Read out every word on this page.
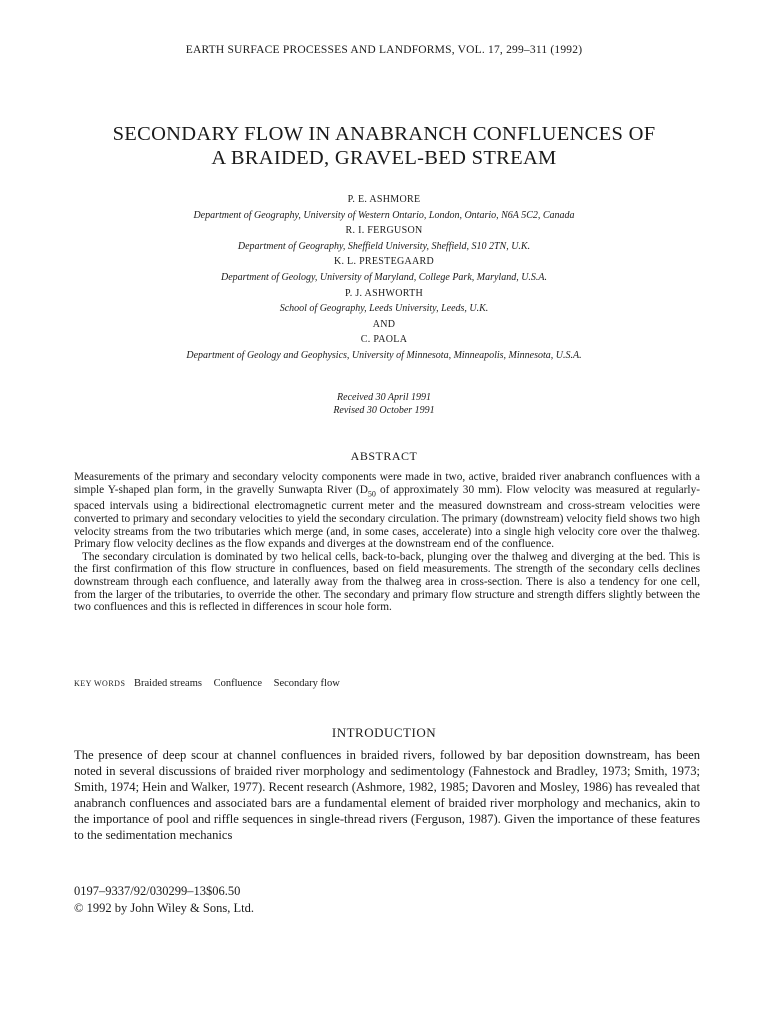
EARTH SURFACE PROCESSES AND LANDFORMS, VOL. 17, 299–311 (1992)
SECONDARY FLOW IN ANABRANCH CONFLUENCES OF
A BRAIDED, GRAVEL-BED STREAM
P. E. ASHMORE
Department of Geography, University of Western Ontario, London, Ontario, N6A 5C2, Canada
R. I. FERGUSON
Department of Geography, Sheffield University, Sheffield, S10 2TN, U.K.
K. L. PRESTEGAARD
Department of Geology, University of Maryland, College Park, Maryland, U.S.A.
P. J. ASHWORTH
School of Geography, Leeds University, Leeds, U.K.
AND
C. PAOLA
Department of Geology and Geophysics, University of Minnesota, Minneapolis, Minnesota, U.S.A.
Received 30 April 1991
Revised 30 October 1991
ABSTRACT

Measurements of the primary and secondary velocity components were made in two, active, braided river anabranch confluences with a simple Y-shaped plan form, in the gravelly Sunwapta River ($D_{50}$ of approximately 30 mm). Flow velocity was measured at regularly-spaced intervals using a bidirectional electromagnetic current meter and the measured downstream and cross-stream velocities were converted to primary and secondary velocities to yield the secondary circulation. The primary (downstream) velocity field shows two high velocity streams from the two tributaries which merge (and, in some cases, accelerate) into a single high velocity core over the thalweg. Primary flow velocity declines as the flow expands and diverges at the downstream end of the confluence.

The secondary circulation is dominated by two helical cells, back-to-back, plunging over the thalweg and diverging at the bed. This is the first confirmation of this flow structure in confluences, based on field measurements. The strength of the secondary cells declines downstream through each confluence, and laterally away from the thalweg area in cross-section. There is also a tendency for one cell, from the larger of the tributaries, to override the other. The secondary and primary flow structure and strength differs slightly between the two confluences and this is reflected in differences in scour hole form.

KEY WORDS Braided streams Confluence Secondary flow
INTRODUCTION

The presence of deep scour at channel confluences in braided rivers, followed by bar deposition downstream, has been noted in several discussions of braided river morphology and sedimentology (Fahnestock and Bradley, 1973; Smith, 1973; Smith, 1974; Hein and Walker, 1977). Recent research (Ashmore, 1982, 1985; Davoren and Mosley, 1986) has revealed that anabranch confluences and associated bars are a fundamental element of braided river morphology and mechanics, akin to the importance of pool and riffle sequences in single-thread rivers (Ferguson, 1987). Given the importance of these features to the sedimentation mechanics

0197–9337/92/030299–13$06.50
© 1992 by John Wiley & Sons, Ltd.
